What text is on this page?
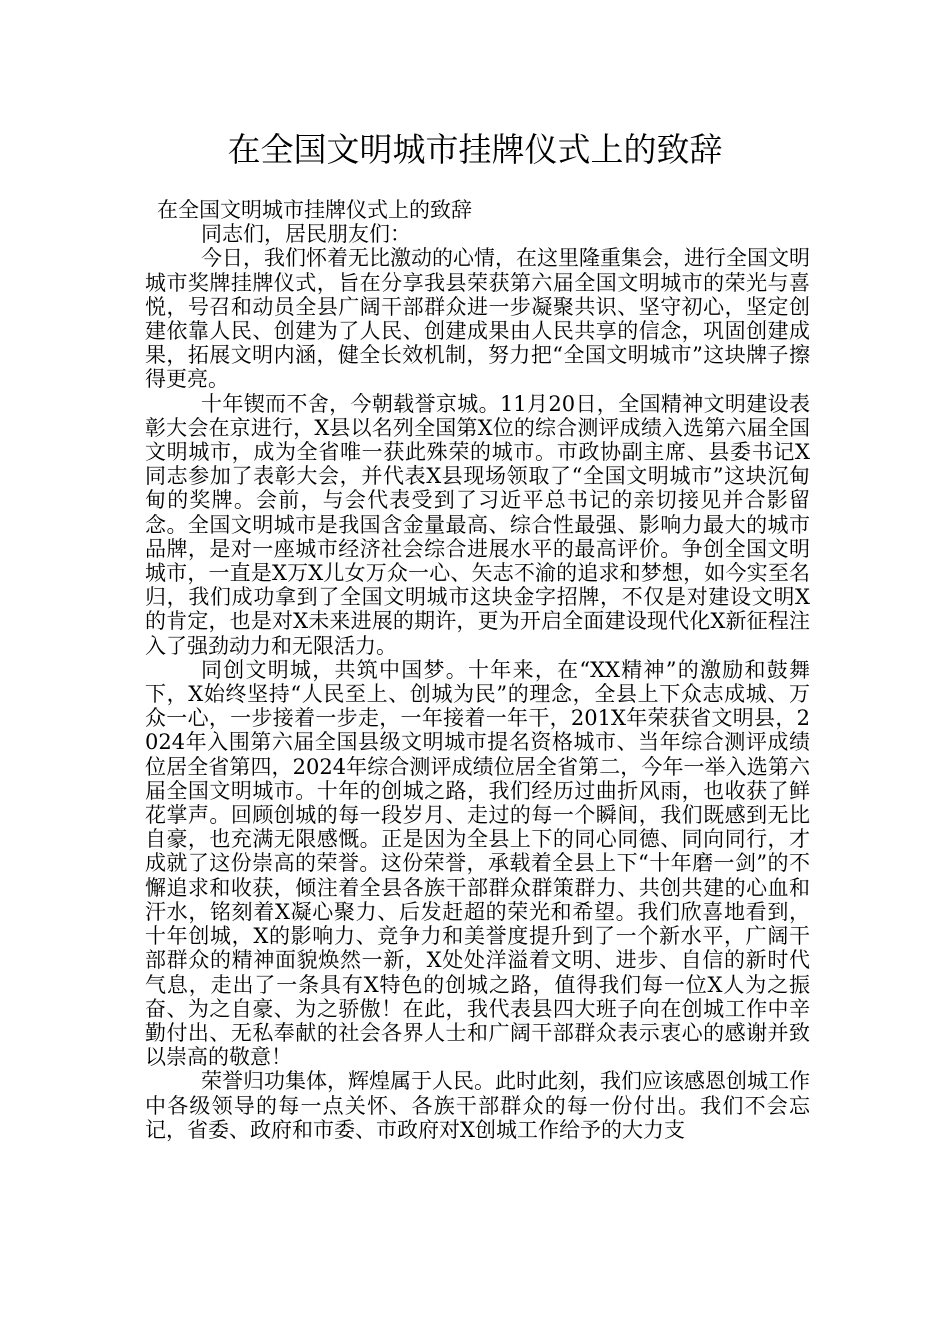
在全国文明城市挂牌仪式上的致辞

在全国文明城市挂牌仪式上的致辞

同志们，居民朋友们：

今日，我们怀着无比激动的心情，在这里隆重集会，进行全国文明城市奖牌挂牌仪式，旨在分享我县荣获第六届全国文明城市的荣光与喜悦，号召和动员全县广阔干部群众进一步凝聚共识、坚守初心，坚定创建依靠人民、创建为了人民、创建成果由人民共享的信念，巩固创建成果，拓展文明内涵，健全长效机制，努力把“全国文明城市”这块牌子擦得更亮。

十年锲而不舍，今朝载誉京城。11月20日，全国精神文明建设表彰大会在京进行，X县以名列全国第X位的综合测评成绩入选第六届全国文明城市，成为全省唯一获此殊荣的城市。市政协副主席、县委书记X同志参加了表彰大会，并代表X县现场领取了“全国文明城市”这块沉甸甸的奖牌。会前，与会代表受到了习近平总书记的亲切接见并合影留念。全国文明城市是我国含金量最高、综合性最强、影响力最大的城市品牌，是对一座城市经济社会综合进展水平的最高评价。争创全国文明城市，一直是X万X儿女万众一心、矢志不渝的追求和梦想，如今实至名归，我们成功拿到了全国文明城市这块金字招牌，不仅是对建设文明X的肯定，也是对X未来进展的期许，更为开启全面建设现代化X新征程注入了强劲动力和无限活力。

同创文明城，共筑中国梦。十年来，在“XX精神”的激励和鼓舞下，X始终坚持“人民至上、创城为民”的理念，全县上下众志成城、万众一心，一步接着一步走，一年接着一年干，201X年荣获省文明县，2024年入围第六届全国县级文明城市提名资格城市、当年综合测评成绩位居全省第四，2024年综合测评成绩位居全省第二，今年一举入选第六届全国文明城市。十年的创城之路，我们经历过曲折风雨，也收获了鲜花掌声。回顾创城的每一段岁月、走过的每一个瞬间，我们既感到无比自豪，也充满无限感慨。正是因为全县上下的同心同德、同向同行，才成就了这份崇高的荣誉。这份荣誉，承载着全县上下“十年磨一剑”的不懈追求和收获，倾注着全县各族干部群众群策群力、共创共建的心血和汗水，铭刻着X凝心聚力、后发赶超的荣光和希望。我们欣喜地看到，十年创城，X的影响力、竞争力和美誉度提升到了一个新水平，广阔干部群众的精神面貌焕然一新，X处处洋溢着文明、进步、自信的新时代气息，走出了一条具有X特色的创城之路，值得我们每一位X人为之振奋、为之自豪、为之骄傲！在此，我代表县四大班子向在创城工作中辛勤付出、无私奉献的社会各界人士和广阔干部群众表示衷心的感谢并致以崇高的敬意！

荣誉归功集体，辉煌属于人民。此时此刻，我们应该感恩创城工作中各级领导的每一点关怀、各族干部群众的每一份付出。我们不会忘记，省委、政府和市委、市政府对X创城工作给予的大力支
